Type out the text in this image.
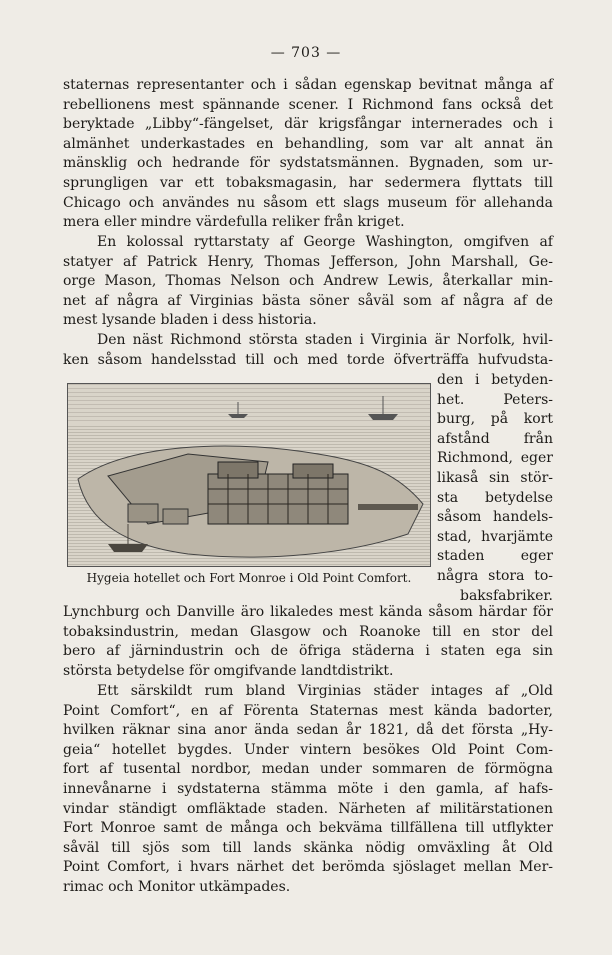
— 703 —
staternas representanter och i sådan egenskap bevitnat många af
rebellionens mest spännande scener. I Richmond fans också det
beryktade „Libby“-fängelset, där krigsfångar internerades och i
almänhet underkastades en behandling, som var alt annat än
mänsklig och hedrande för sydstatsmännen. Bygnaden, som ur-
sprungligen var ett tobaksmagasin, har sedermera flyttats till
Chicago och användes nu såsom ett slags museum för allehanda
mera eller mindre värdefulla reliker från kriget.
En kolossal ryttarstaty af George Washington, omgifven af
statyer af Patrick Henry, Thomas Jefferson, John Marshall, Ge-
orge Mason, Thomas Nelson och Andrew Lewis, återkallar min-
net af några af Virginias bästa söner såväl som af några af de
mest lysande bladen i dess historia.
Den näst Richmond största staden i Virginia är Norfolk, hvil-
ken såsom handelsstad till och med torde öfverträffa hufvudsta-
den i betyden-
het. Peters-
burg, på kort
afstånd från
Richmond, eger
likaså sin stör-
sta betydelse
såsom handels-
stad, hvarjämte
staden eger
några stora to-
baksfabriker.
Hygeia hotellet och Fort Monroe i Old Point Comfort.
Lynchburg och Danville äro likaledes mest kända såsom härdar för
tobaksindustrin, medan Glasgow och Roanoke till en stor del
bero af järnindustrin och de öfriga städerna i staten ega sin
största betydelse för omgifvande landtdistrikt.
Ett särskildt rum bland Virginias städer intages af „Old
Point Comfort“, en af Förenta Staternas mest kända badorter,
hvilken räknar sina anor ända sedan år 1821, då det första „Hy-
geia“ hotellet bygdes. Under vintern besökes Old Point Com-
fort af tusental nordbor, medan under sommaren de förmögna
innevånarne i sydstaterna stämma möte i den gamla, af hafs-
vindar ständigt omfläktade staden. Närheten af militärstationen
Fort Monroe samt de många och bekväma tillfällena till utflykter
såväl till sjös som till lands skänka nödig omväxling åt Old
Point Comfort, i hvars närhet det berömda sjöslaget mellan Mer-
rimac och Monitor utkämpades.
